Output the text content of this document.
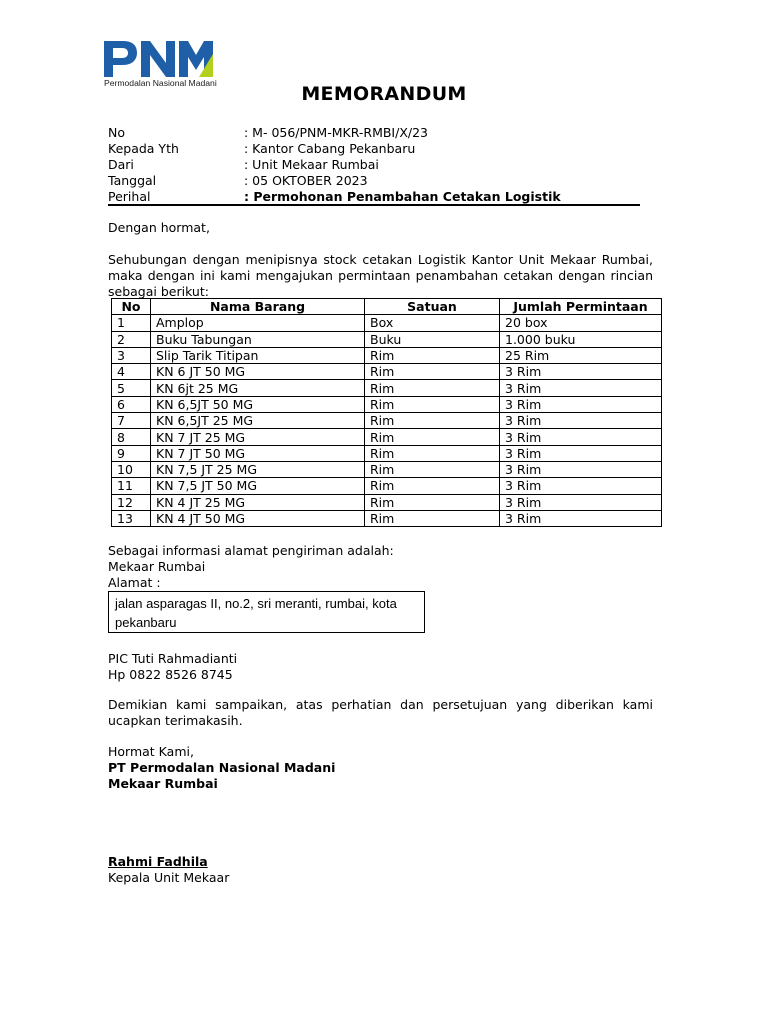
Permodalan Nasional Madani	MEMORANDUM
No	: M- 056/PNM-MKR-RMBI/X/23
Kepada Yth	: Kantor Cabang Pekanbaru
Dari	: Unit Mekaar Rumbai
Tanggal	: 05 OKTOBER 2023
Perihal	: Permohonan Penambahan Cetakan Logistik
Dengan hormat,
Sehubungan dengan menipisnya stock cetakan Logistik Kantor Unit Mekaar Rumbai, maka dengan ini kami mengajukan permintaan penambahan cetakan dengan rincian sebagai berikut:
No	Nama Barang	Satuan	Jumlah Permintaan
1	Amplop	Box	20 box
2	Buku Tabungan	Buku	1.000 buku
3	Slip Tarik Titipan	Rim	25 Rim
4	KN 6 JT 50 MG	Rim	3 Rim
5	KN 6jt 25 MG	Rim	3 Rim
6	KN 6,5JT 50 MG	Rim	3 Rim
7	KN 6,5JT 25 MG	Rim	3 Rim
8	KN 7 JT 25 MG	Rim	3 Rim
9	KN 7 JT 50 MG	Rim	3 Rim
10	KN 7,5 JT 25 MG	Rim	3 Rim
11	KN 7,5 JT 50 MG	Rim	3 Rim
12	KN 4 JT 25 MG	Rim	3 Rim
13	KN 4 JT 50 MG	Rim	3 Rim
Sebagai informasi alamat pengiriman adalah:
Mekaar Rumbai
Alamat :
jalan asparagas II, no.2, sri meranti, rumbai, kota
pekanbaru
PIC Tuti Rahmadianti
Hp 0822 8526 8745
Demikian kami sampaikan, atas perhatian dan persetujuan yang diberikan kami ucapkan terimakasih.
Hormat Kami,
PT Permodalan Nasional Madani
Mekaar Rumbai
Rahmi Fadhila
Kepala Unit Mekaar
